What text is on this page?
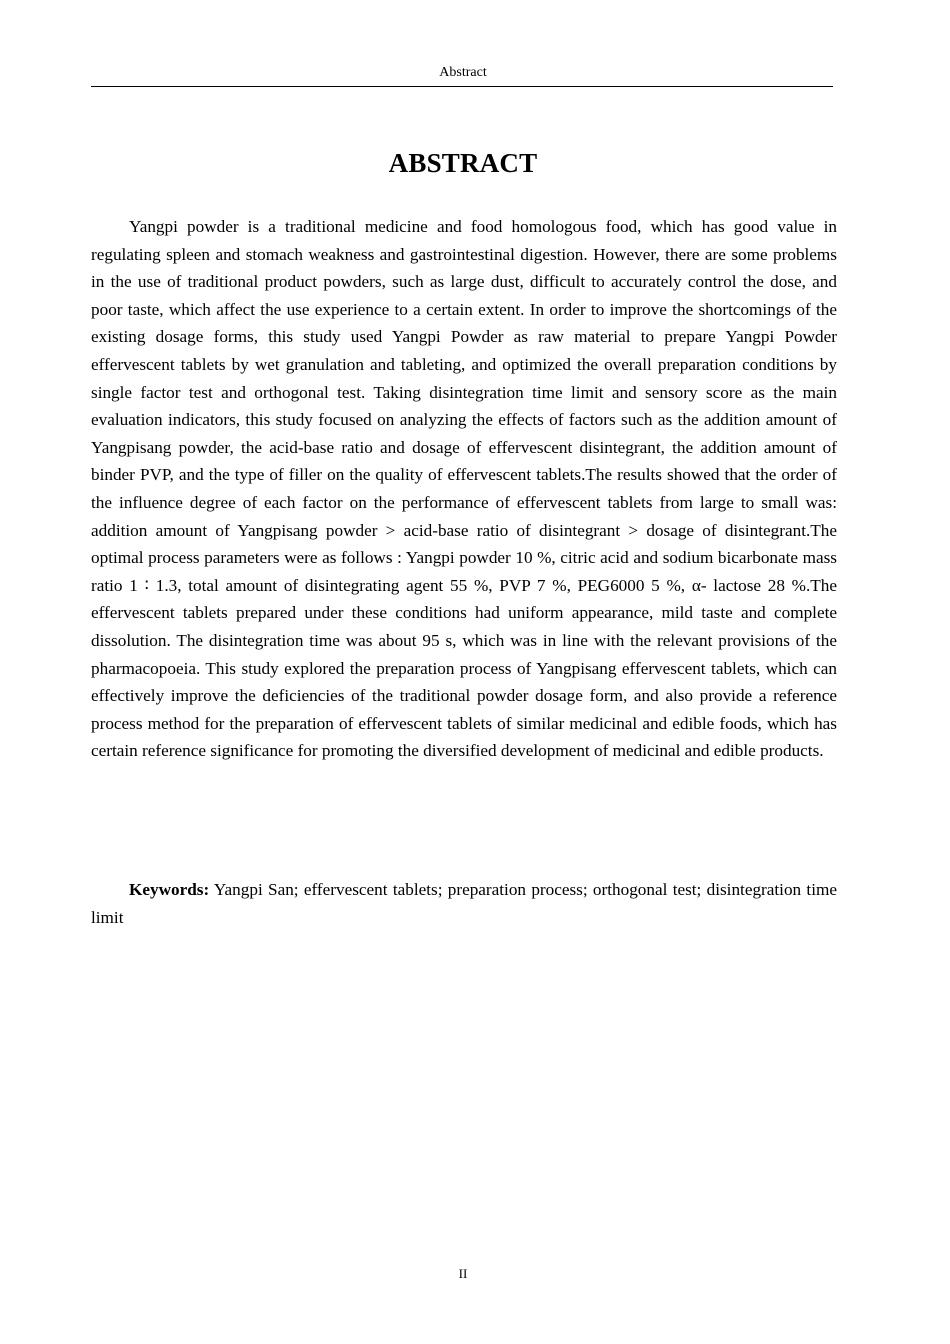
Abstract
ABSTRACT

Yangpi powder is a traditional medicine and food homologous food, which has good value in regulating spleen and stomach weakness and gastrointestinal digestion. However, there are some problems in the use of traditional product powders, such as large dust, difficult to accurately control the dose, and poor taste, which affect the use experience to a certain extent. In order to improve the shortcomings of the existing dosage forms, this study used Yangpi Powder as raw material to prepare Yangpi Powder effervescent tablets by wet granulation and tableting, and optimized the overall preparation conditions by single factor test and orthogonal test. Taking disintegration time limit and sensory score as the main evaluation indicators, this study focused on analyzing the effects of factors such as the addition amount of Yangpisang powder, the acid-base ratio and dosage of effervescent disintegrant, the addition amount of binder PVP, and the type of filler on the quality of effervescent tablets.The results showed that the order of the influence degree of each factor on the performance of effervescent tablets from large to small was: addition amount of Yangpisang powder > acid-base ratio of disintegrant > dosage of disintegrant.The optimal process parameters were as follows : Yangpi powder 10 %, citric acid and sodium bicarbonate mass ratio 1 ∶ 1.3, total amount of disintegrating agent 55 %, PVP 7 %, PEG6000 5 %, α- lactose 28 %.The effervescent tablets prepared under these conditions had uniform appearance, mild taste and complete dissolution. The disintegration time was about 95 s, which was in line with the relevant provisions of the pharmacopoeia. This study explored the preparation process of Yangpisang effervescent tablets, which can effectively improve the deficiencies of the traditional powder dosage form, and also provide a reference process method for the preparation of effervescent tablets of similar medicinal and edible foods, which has certain reference significance for promoting the diversified development of medicinal and edible products.

Keywords: Yangpi San; effervescent tablets; preparation process; orthogonal test; disintegration time limit

II
